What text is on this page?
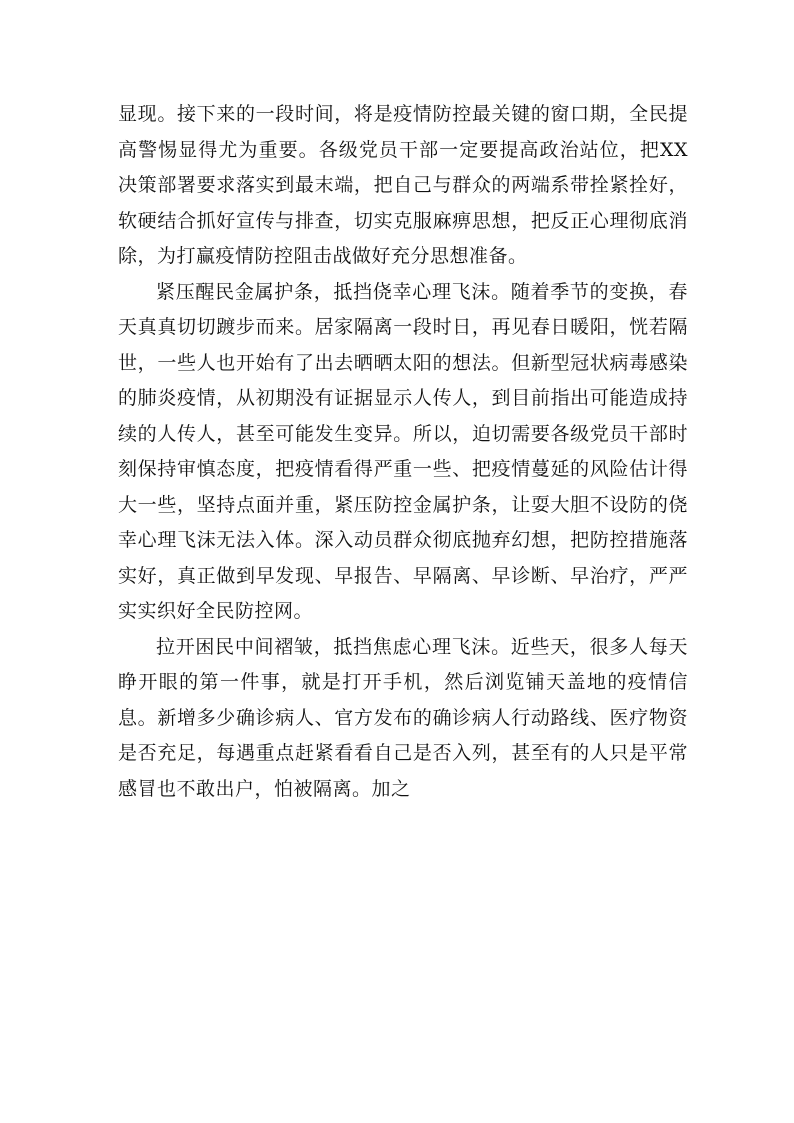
显现。接下来的一段时间，将是疫情防控最关键的窗口期，全民提高警惕显得尤为重要。各级党员干部一定要提高政治站位，把XX决策部署要求落实到最末端，把自己与群众的两端系带拴紧拴好，软硬结合抓好宣传与排查，切实克服麻痹思想，把反正心理彻底消除，为打赢疫情防控阻击战做好充分思想准备。

紧压醒民金属护条，抵挡侥幸心理飞沫。随着季节的变换，春天真真切切踱步而来。居家隔离一段时日，再见春日暖阳，恍若隔世，一些人也开始有了出去晒晒太阳的想法。但新型冠状病毒感染的肺炎疫情，从初期没有证据显示人传人，到目前指出可能造成持续的人传人，甚至可能发生变异。所以，迫切需要各级党员干部时刻保持审慎态度，把疫情看得严重一些、把疫情蔓延的风险估计得大一些，坚持点面并重，紧压防控金属护条，让耍大胆不设防的侥幸心理飞沫无法入体。深入动员群众彻底抛弃幻想，把防控措施落实好，真正做到早发现、早报告、早隔离、早诊断、早治疗，严严实实织好全民防控网。

拉开困民中间褶皱，抵挡焦虑心理飞沫。近些天，很多人每天睁开眼的第一件事，就是打开手机，然后浏览铺天盖地的疫情信息。新增多少确诊病人、官方发布的确诊病人行动路线、医疗物资是否充足，每遇重点赶紧看看自己是否入列，甚至有的人只是平常感冒也不敢出户，怕被隔离。加之
